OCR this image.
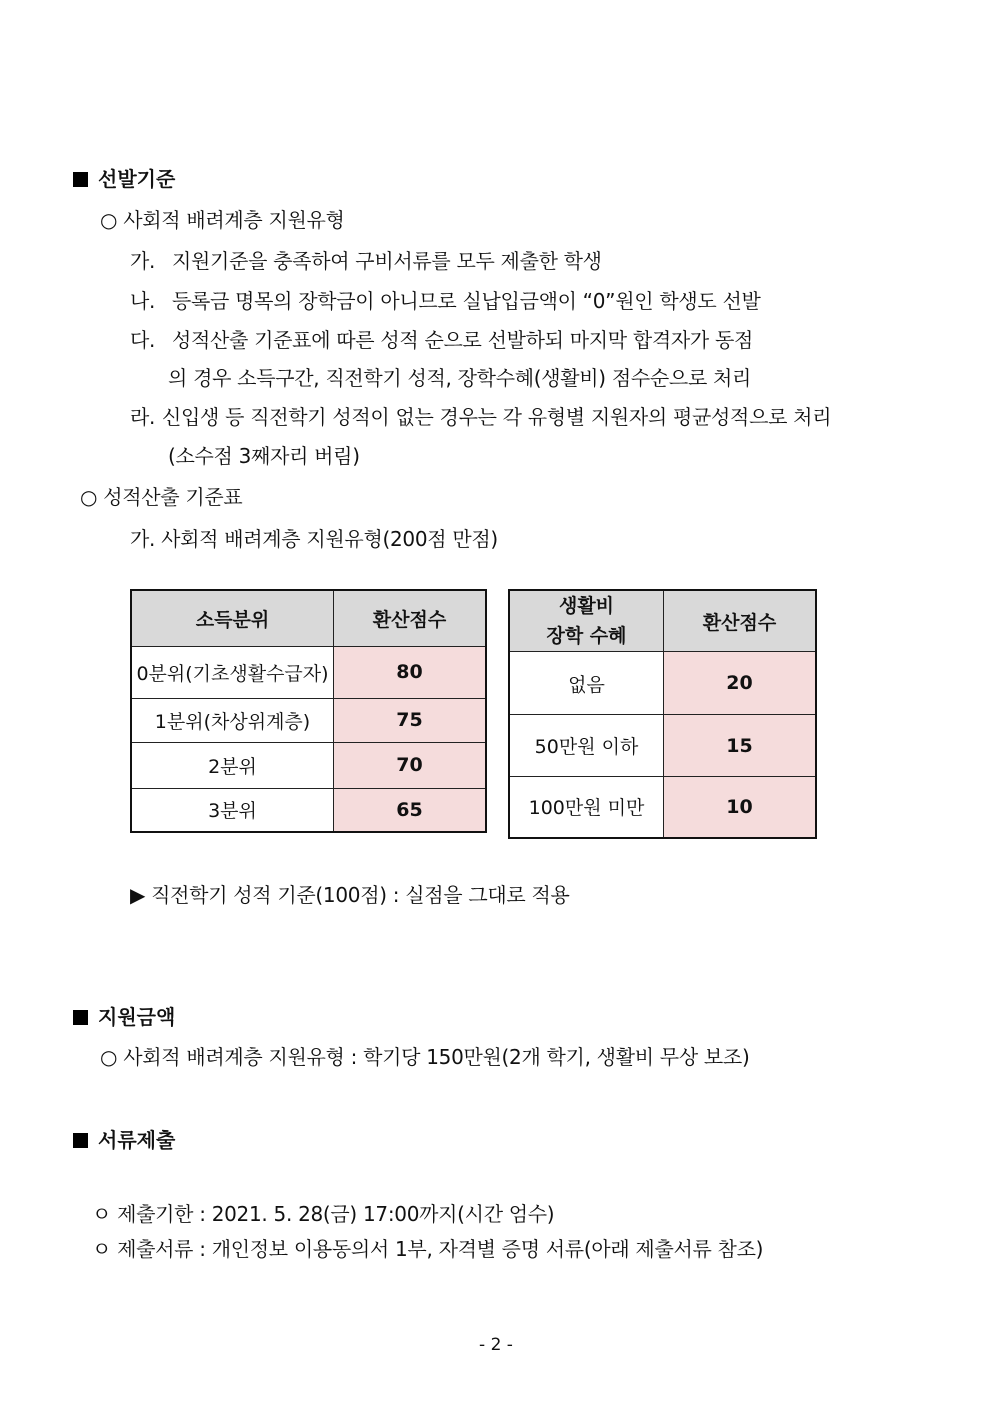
선발기준
○ 사회적 배려계층 지원유형
가. 지원기준을 충족하여 구비서류를 모두 제출한 학생
나. 등록금 명목의 장학금이 아니므로 실납입금액이 “0”원인 학생도 선발
다. 성적산출 기준표에 따른 성적 순으로 선발하되 마지막 합격자가 동점
의 경우 소득구간, 직전학기 성적, 장학수혜(생활비) 점수순으로 처리
라. 신입생 등 직전학기 성적이 없는 경우는 각 유형별 지원자의 평균성적으로 처리
(소수점 3째자리 버림)
○ 성적산출 기준표
가. 사회적 배려계층 지원유형(200점 만점)
소득분위	환산점수
0분위(기초생활수급자)	80
1분위(차상위계층)	75
2분위	70
3분위	65
생활비
장학 수혜	환산점수
없음	20
50만원 이하	15
100만원 미만	10
▶ 직전학기 성적 기준(100점) : 실점을 그대로 적용
지원금액
○ 사회적 배려계층 지원유형 : 학기당 150만원(2개 학기, 생활비 무상 보조)
서류제출
ㅇ 제출기한 : 2021. 5. 28(금) 17:00까지(시간 엄수)
ㅇ 제출서류 : 개인정보 이용동의서 1부, 자격별 증명 서류(아래 제출서류 참조)
- 2 -
